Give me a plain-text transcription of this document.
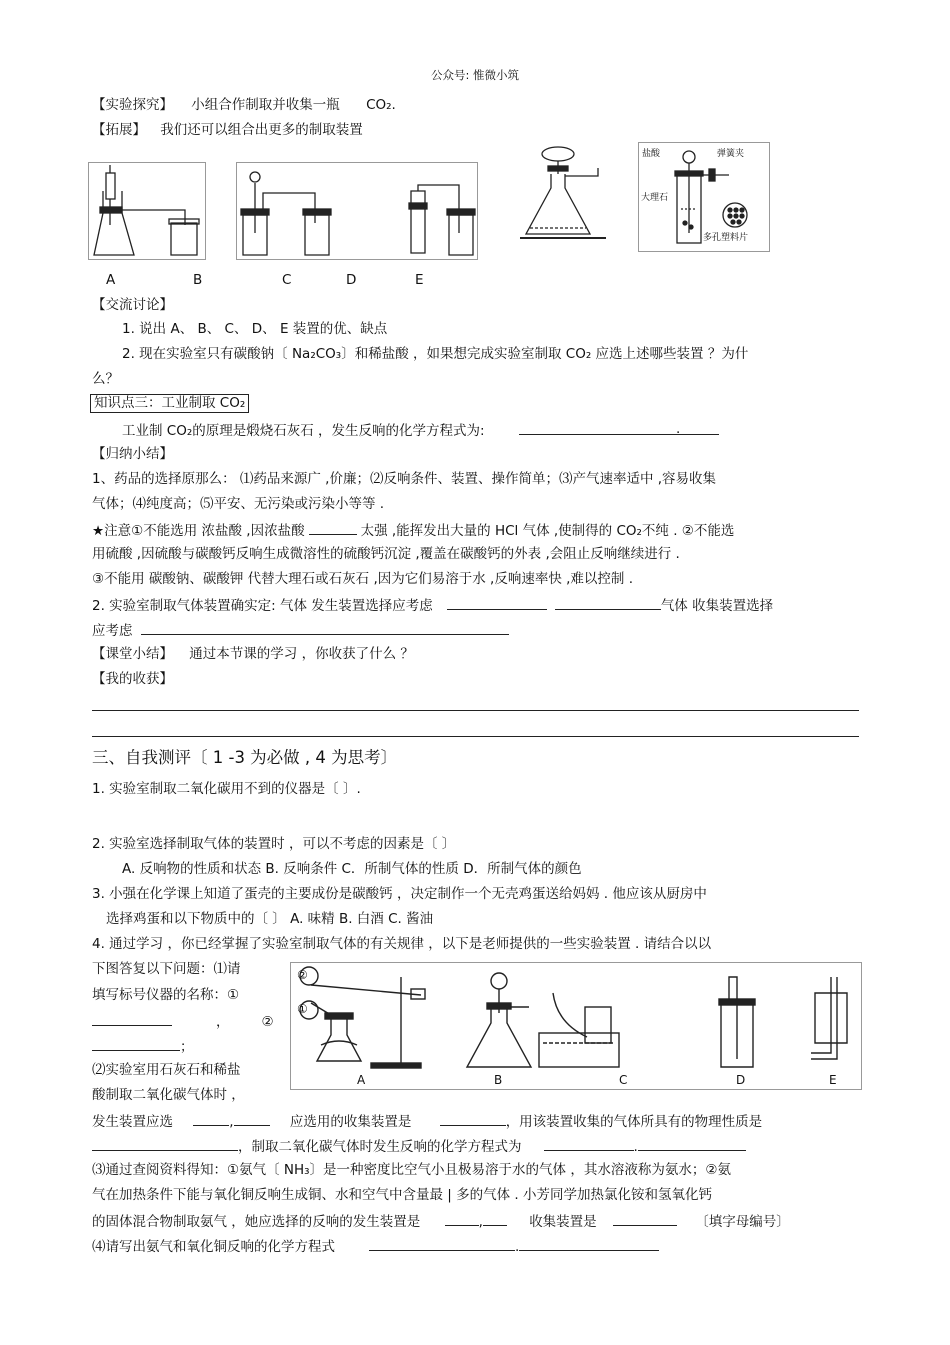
公众号: 惟微小筑
【实验探究】 小组合作制取并收集一瓶 CO₂.
【拓展】 我们还可以组合出更多的制取装置
盐酸	弹簧夹
大理石
多孔塑料片
A	B	C	D	E
【交流讨论】
1. 说出 A、 B、 C、 D、 E 装置的优、缺点
2. 现在实验室只有碳酸钠〔 Na₂CO₃〕和稀盐酸 ，如果想完成实验室制取 CO₂ 应选上述哪些装置 ？为什
么？
知识点三：工业制取 CO₂
工业制 CO₂的原理是煅烧石灰石 ，发生反响的化学方程式为:	.
【归纳小结】
1、药品的选择原那么： ⑴药品来源广 ,价廉；⑵反响条件、装置、操作简单；⑶产气速率适中 ,容易收集
气体；⑷纯度高；⑸平安、无污染或污染小等等 .
★注意①不能选用 浓盐酸 ,因浓盐酸	太强 ,能挥发出大量的 HCl 气体 ,使制得的 CO₂不纯 . ②不能选
用硫酸 ,因硫酸与碳酸钙反响生成微溶性的硫酸钙沉淀 ,覆盖在碳酸钙的外表 ,会阻止反响继续进行 .
③不能用 碳酸钠、碳酸钾 代替大理石或石灰石 ,因为它们易溶于水 ,反响速率快 ,难以控制 .
2. 实验室制取气体装置确实定: 气体 发生装置选择应考虑	气体 收集装置选择
应考虑
【课堂小结】 通过本节课的学习 ，你收获了什么 ？
【我的收获】
三、自我测评〔 1 -3 为必做 , 4 为思考〕
1. 实验室制取二氧化碳用不到的仪器是〔 〕.
2. 实验室选择制取气体的装置时 ，可以不考虑的因素是〔 〕
A. 反响物的性质和状态 B. 反响条件 C．所制气体的性质 D．所制气体的颜色
3. 小强在化学课上知道了蛋壳的主要成份是碳酸钙 ，决定制作一个无壳鸡蛋送给妈妈 . 他应该从厨房中
选择鸡蛋和以下物质中的〔 〕 A. 味精 B. 白酒 C. 酱油
4. 通过学习 ，你已经掌握了实验室制取气体的有关规律 ，以下是老师提供的一些实验装置 . 请结合以以
下图答复以下问题：⑴请
填写标号仪器的名称：①
， ②
；
⑵实验室用石灰石和稀盐
酸制取二氧化碳气体时 ，
②
①
A	B	C	D	E
发生装置应选	,	应选用的收集装置是	，用该装置收集的气体所具有的物理性质是
，制取二氧化碳气体时发生反响的化学方程式为	.
⑶通过查阅资料得知：①氨气〔 NH₃〕是一种密度比空气小且极易溶于水的气体 ，其水溶液称为氨水；②氨
气在加热条件下能与氧化铜反响生成铜、水和空气中含量最 | 多的气体 . 小芳同学加热氯化铵和氢氧化钙
的固体混合物制取氨气 ，她应选择的反响的发生装置是	,	收集装置是	〔填字母编号〕
⑷请写出氨气和氧化铜反响的化学方程式	.
